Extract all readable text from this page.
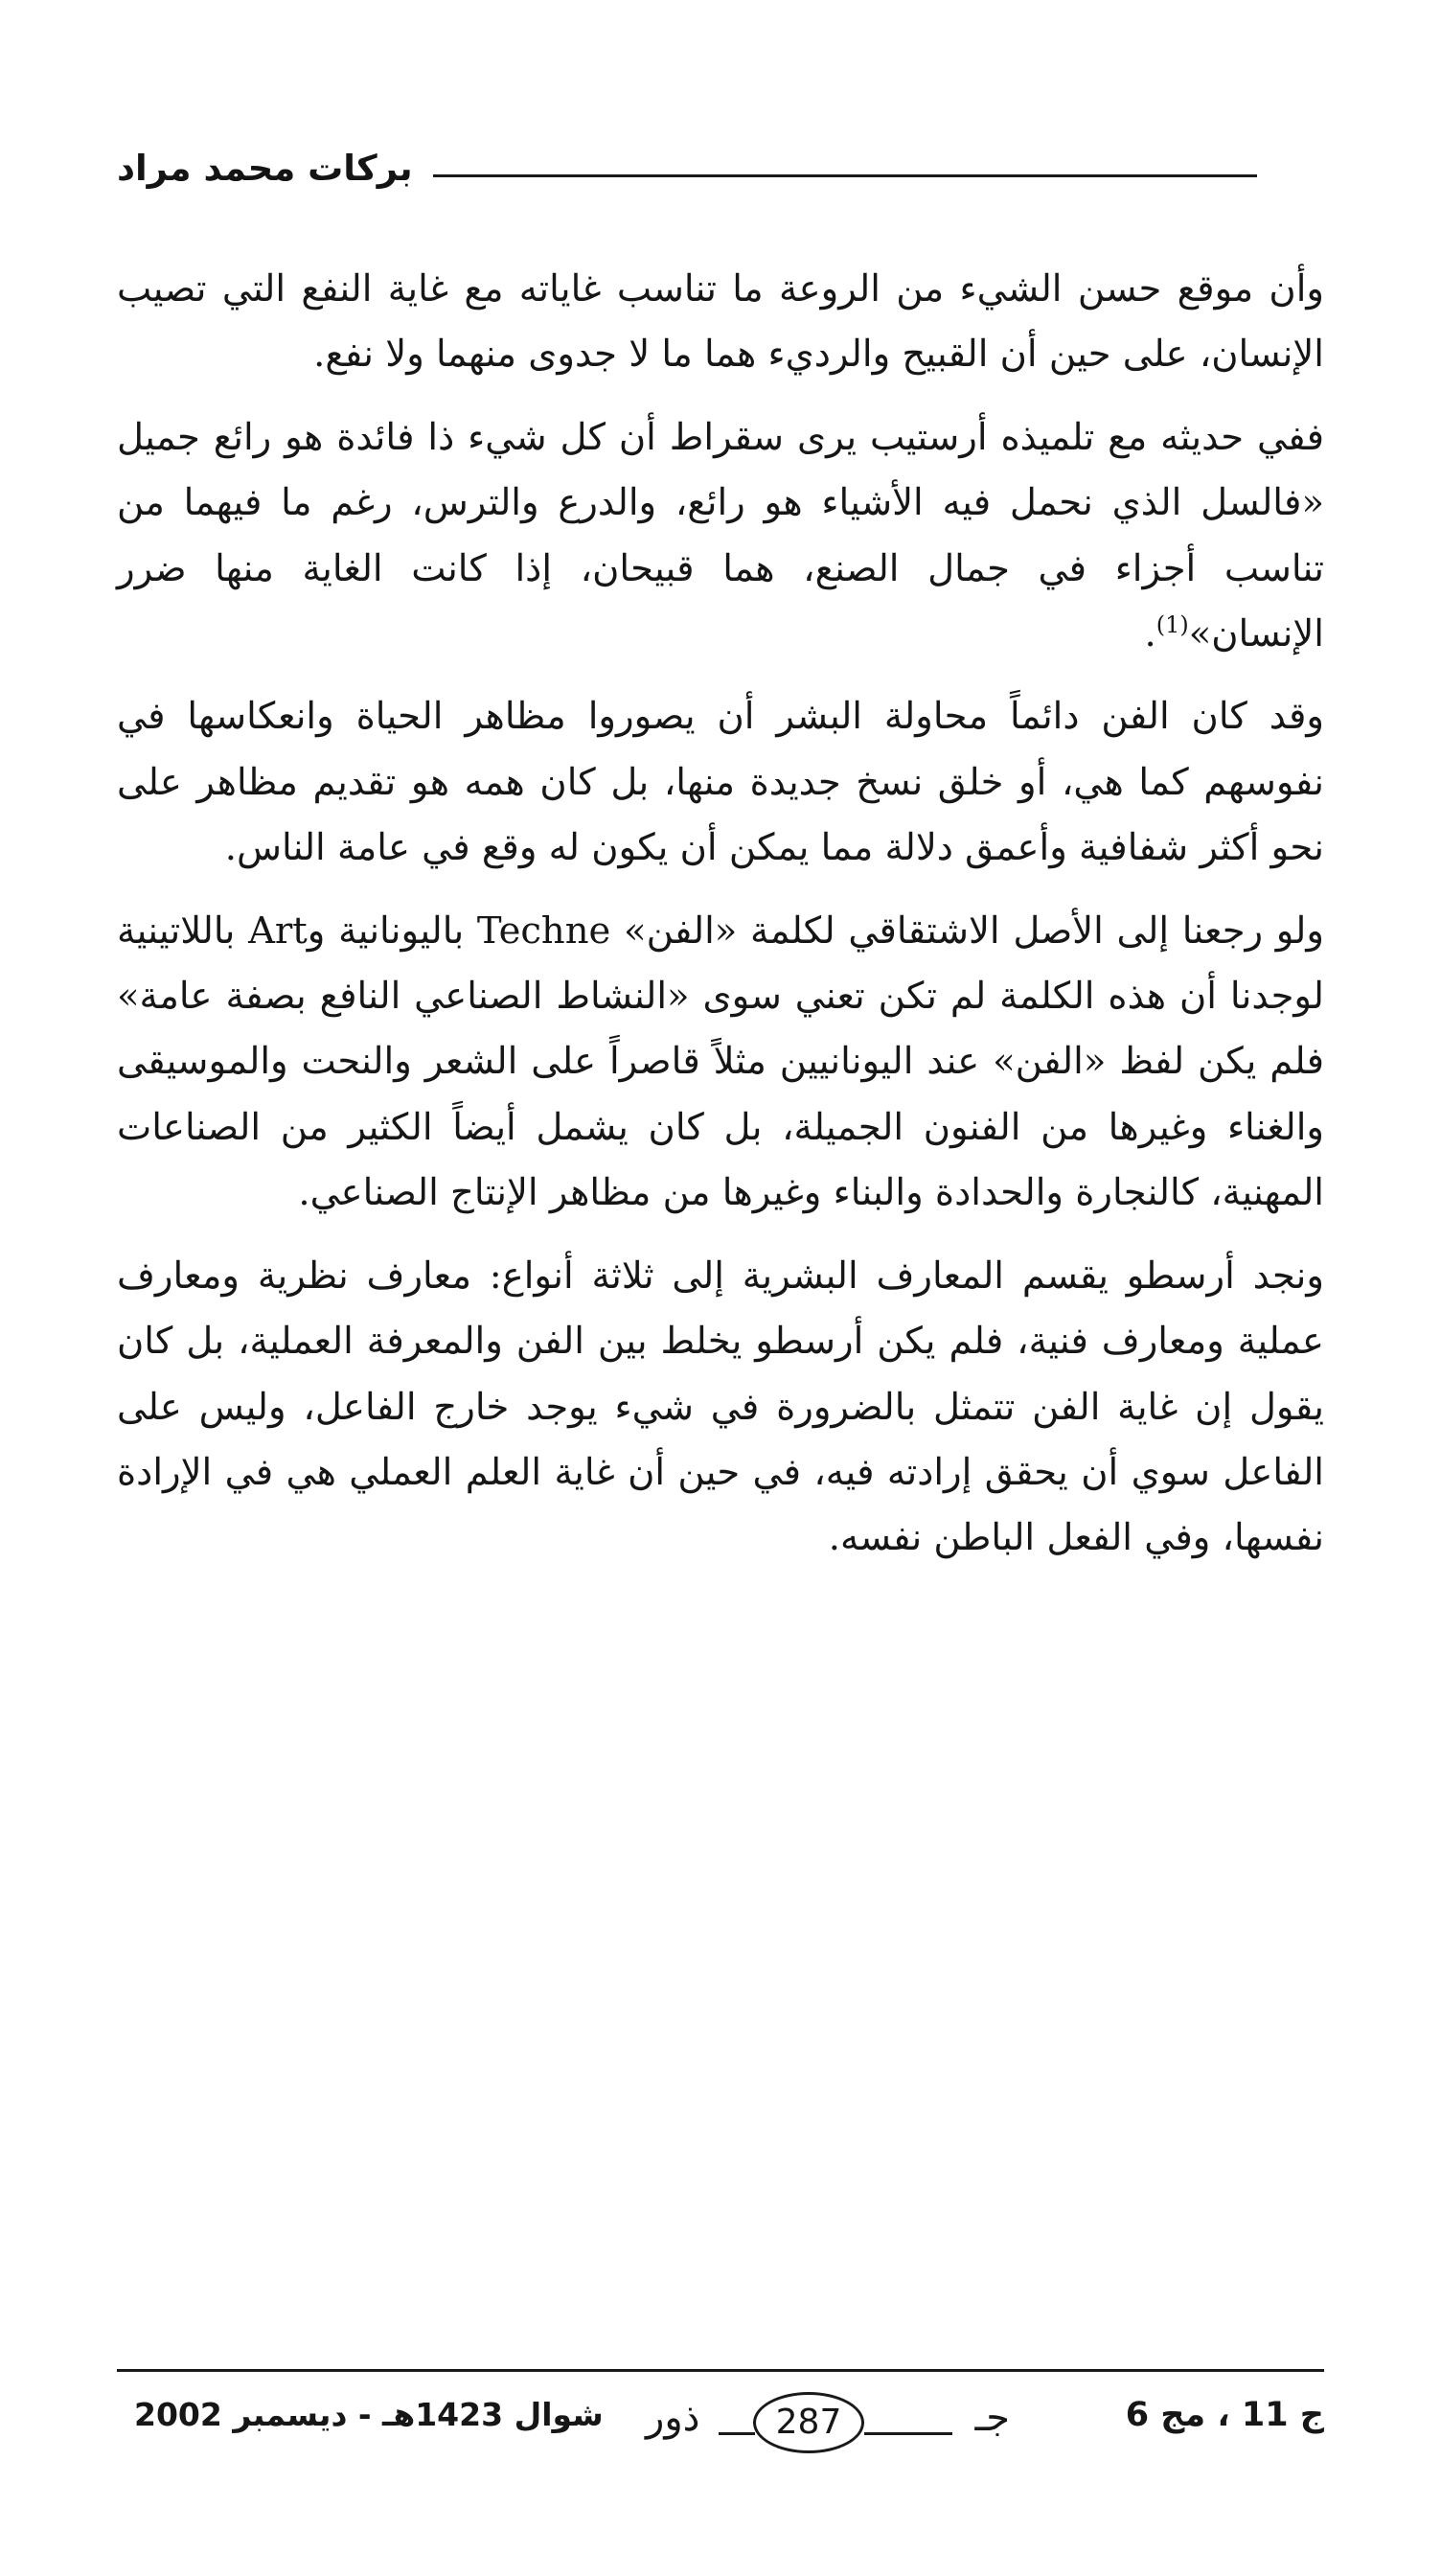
بركات محمد مراد

وأن موقع حسن الشيء من الروعة ما تناسب غاياته مع غاية النفع التي تصيب الإنسان، على حين أن القبيح والرديء هما ما لا جدوى منهما ولا نفع.

ففي حديثه مع تلميذه أرستيب يرى سقراط أن كل شيء ذا فائدة هو رائع جميل «فالسل الذي نحمل فيه الأشياء هو رائع، والدرع والترس، رغم ما فيهما من تناسب أجزاء في جمال الصنع، هما قبيحان، إذا كانت الغاية منها ضرر الإنسان»$^{(1)}$.

وقد كان الفن دائماً محاولة البشر أن يصوروا مظاهر الحياة وانعكاسها في نفوسهم كما هي، أو خلق نسخ جديدة منها، بل كان همه هو تقديم مظاهر على نحو أكثر شفافية وأعمق دلالة مما يمكن أن يكون له وقع في عامة الناس.

ولو رجعنا إلى الأصل الاشتقاقي لكلمة «الفن» Techne باليونانية وArt باللاتينية لوجدنا أن هذه الكلمة لم تكن تعني سوى «النشاط الصناعي النافع بصفة عامة» فلم يكن لفظ «الفن» عند اليونانيين مثلاً قاصراً على الشعر والنحت والموسيقى والغناء وغيرها من الفنون الجميلة، بل كان يشمل أيضاً الكثير من الصناعات المهنية، كالنجارة والحدادة والبناء وغيرها من مظاهر الإنتاج الصناعي.

ونجد أرسطو يقسم المعارف البشرية إلى ثلاثة أنواع: معارف نظرية ومعارف عملية ومعارف فنية، فلم يكن أرسطو يخلط بين الفن والمعرفة العملية، بل كان يقول إن غاية الفن تتمثل بالضرورة في شيء يوجد خارج الفاعل، وليس على الفاعل سوي أن يحقق إرادته فيه، في حين أن غاية العلم العملي هي في الإرادة نفسها، وفي الفعل الباطن نفسه.

شوال 1423هـ - ديسمبر 2002 ذور	287	جـ	ج 11 ، مج 6
